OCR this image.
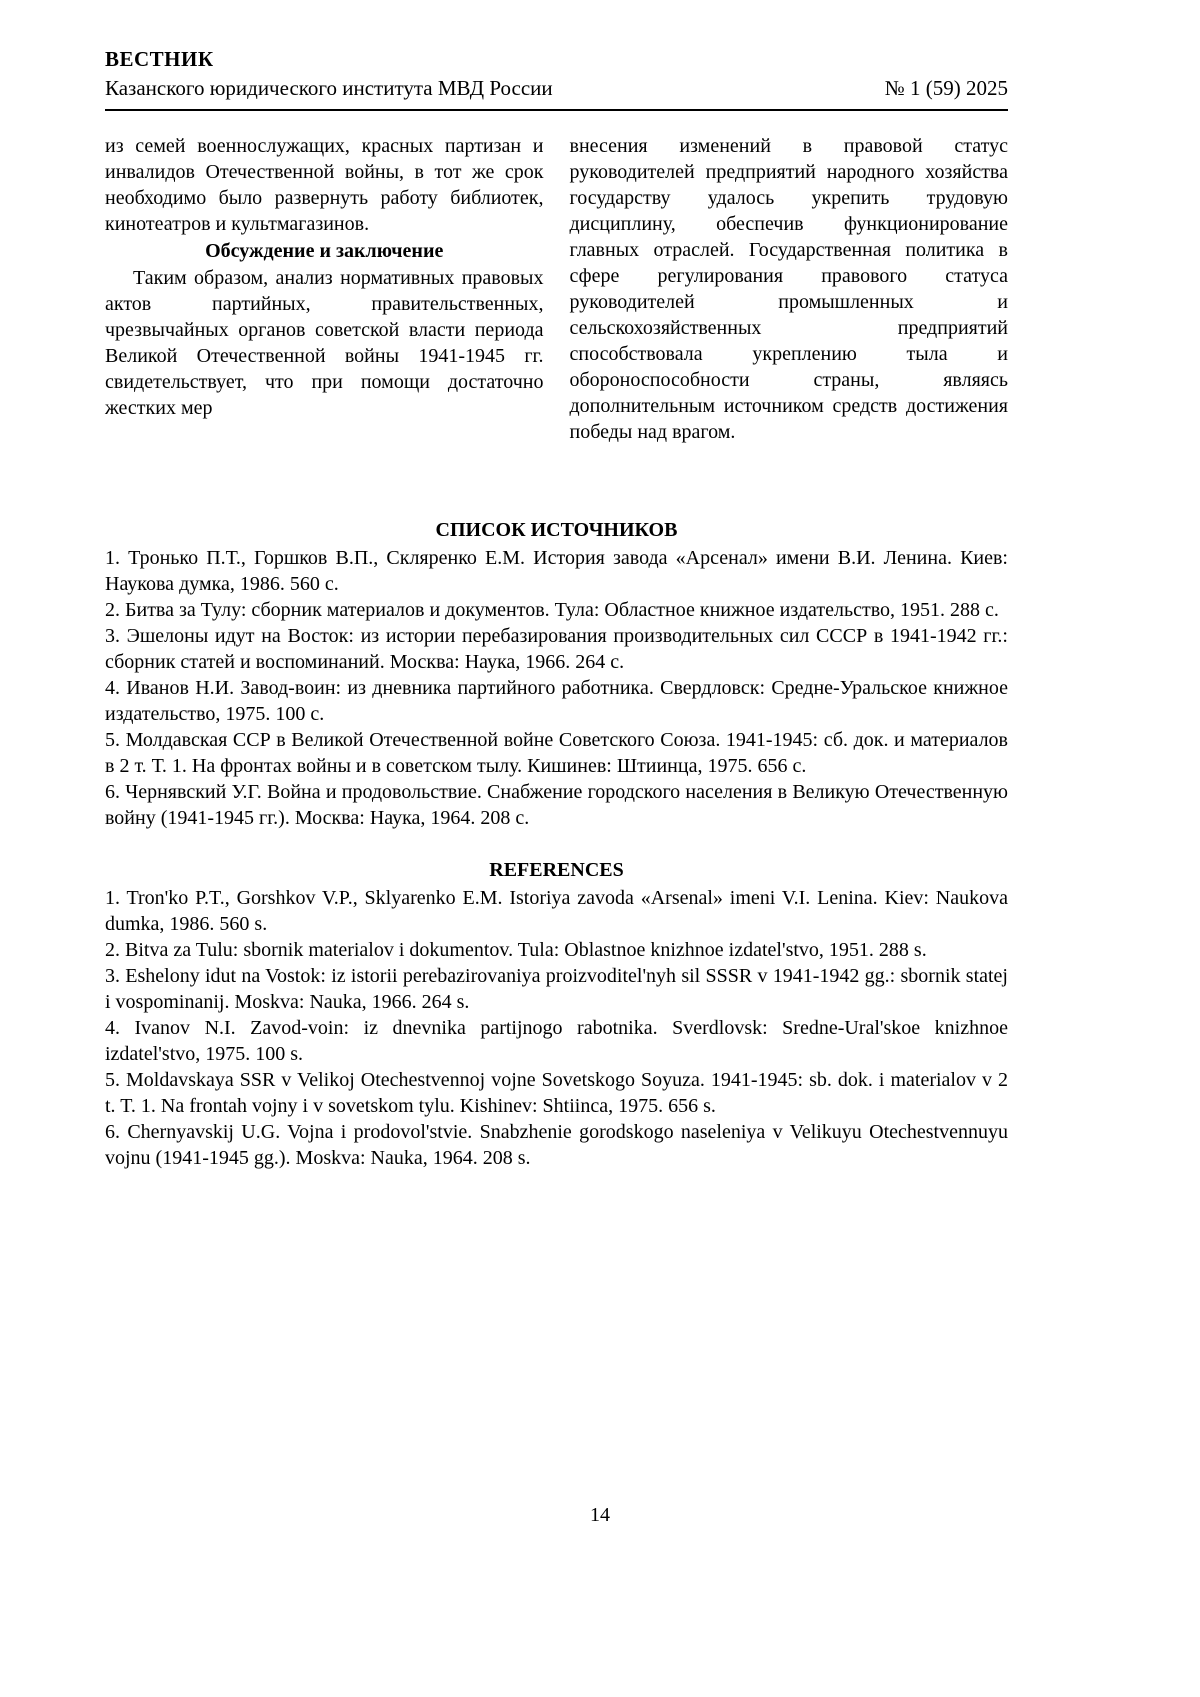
ВЕСТНИК
Казанского юридического института МВД России	№ 1 (59) 2025

из семей военнослужащих, красных партизан и инвалидов Отечественной войны, в тот же срок необходимо было развернуть работу библиотек, кинотеатров и культмагазинов.

Обсуждение и заключение

Таким образом, анализ нормативных правовых актов партийных, правительственных, чрезвычайных органов советской власти периода Великой Отечественной войны 1941-1945 гг. свидетельствует, что при помощи достаточно жестких мер

внесения изменений в правовой статус руководителей предприятий народного хозяйства государству удалось укрепить трудовую дисциплину, обеспечив функционирование главных отраслей. Государственная политика в сфере регулирования правового статуса руководителей промышленных и сельскохозяйственных предприятий способствовала укреплению тыла и обороноспособности страны, являясь дополнительным источником средств достижения победы над врагом.

СПИСОК ИСТОЧНИКОВ

1. Тронько П.Т., Горшков В.П., Скляренко Е.М. История завода «Арсенал» имени В.И. Ленина. Киев: Наукова думка, 1986. 560 с.

2. Битва за Тулу: сборник материалов и документов. Тула: Областное книжное издательство, 1951. 288 с.

3. Эшелоны идут на Восток: из истории перебазирования производительных сил СССР в 1941-1942 гг.: сборник статей и воспоминаний. Москва: Наука, 1966. 264 с.

4. Иванов Н.И. Завод-воин: из дневника партийного работника. Свердловск: Средне-Уральское книжное издательство, 1975. 100 с.

5. Молдавская ССР в Великой Отечественной войне Советского Союза. 1941-1945: сб. док. и материалов в 2 т. Т. 1. На фронтах войны и в советском тылу. Кишинев: Штиинца, 1975. 656 с.

6. Чернявский У.Г. Война и продовольствие. Снабжение городского населения в Великую Отечественную войну (1941-1945 гг.). Москва: Наука, 1964. 208 с.

REFERENCES

1. Tron'ko P.T., Gorshkov V.P., Sklyarenko E.M. Istoriya zavoda «Arsenal» imeni V.I. Lenina. Kiev: Naukova dumka, 1986. 560 s.

2. Bitva za Tulu: sbornik materialov i dokumentov. Tula: Oblastnoe knizhnoe izdatel'stvo, 1951. 288 s.

3. Eshelony idut na Vostok: iz istorii perebazirovaniya proizvoditel'nyh sil SSSR v 1941-1942 gg.: sbornik statej i vospominanij. Moskva: Nauka, 1966. 264 s.

4. Ivanov N.I. Zavod-voin: iz dnevnika partijnogo rabotnika. Sverdlovsk: Sredne-Ural'skoe knizhnoe izdatel'stvo, 1975. 100 s.

5. Moldavskaya SSR v Velikoj Otechestvennoj vojne Sovetskogo Soyuza. 1941-1945: sb. dok. i materialov v 2 t. T. 1. Na frontah vojny i v sovetskom tylu. Kishinev: Shtiinca, 1975. 656 s.

6. Chernyavskij U.G. Vojna i prodovol'stvie. Snabzhenie gorodskogo naseleniya v Velikuyu Otechestvennuyu vojnu (1941-1945 gg.). Moskva: Nauka, 1964. 208 s.

14
